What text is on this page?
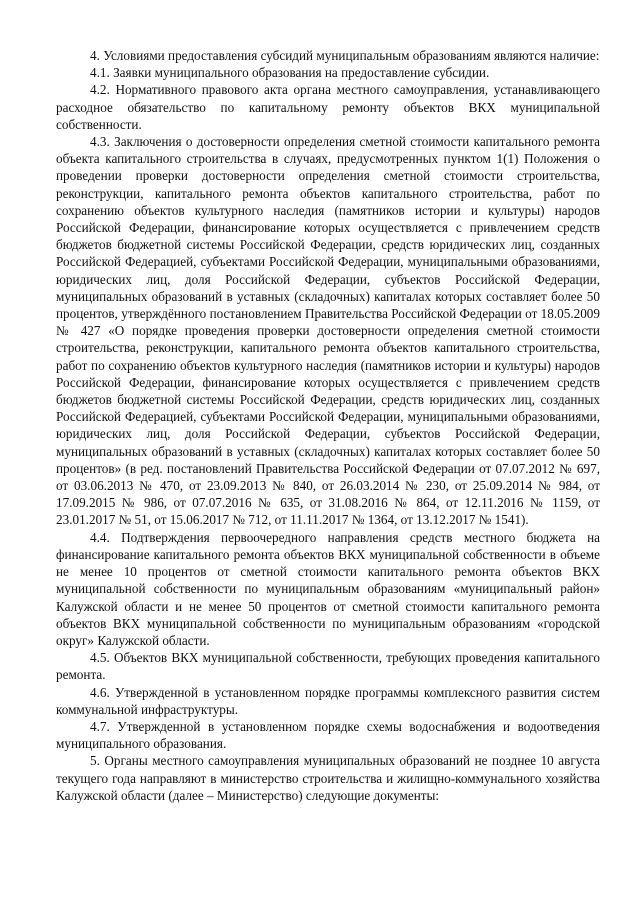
4. Условиями предоставления субсидий муниципальным образованиям являются наличие:

4.1. Заявки муниципального образования на предоставление субсидии.

4.2. Нормативного правового акта органа местного самоуправления, устанавливающего расходное обязательство по капитальному ремонту объектов ВКХ муниципальной собственности.

4.3. Заключения о достоверности определения сметной стоимости капитального ремонта объекта капитального строительства в случаях, предусмотренных пунктом 1(1) Положения о проведении проверки достоверности определения сметной стоимости строительства, реконструкции, капитального ремонта объектов капитального строительства, работ по сохранению объектов культурного наследия (памятников истории и культуры) народов Российской Федерации, финансирование которых осуществляется с привлечением средств бюджетов бюджетной системы Российской Федерации, средств юридических лиц, созданных Российской Федерацией, субъектами Российской Федерации, муниципальными образованиями, юридических лиц, доля Российской Федерации, субъектов Российской Федерации, муниципальных образований в уставных (складочных) капиталах которых составляет более 50 процентов, утверждённого постановлением Правительства Российской Федерации от 18.05.2009 № 427 «О порядке проведения проверки достоверности определения сметной стоимости строительства, реконструкции, капитального ремонта объектов капитального строительства, работ по сохранению объектов культурного наследия (памятников истории и культуры) народов Российской Федерации, финансирование которых осуществляется с привлечением средств бюджетов бюджетной системы Российской Федерации, средств юридических лиц, созданных Российской Федерацией, субъектами Российской Федерации, муниципальными образованиями, юридических лиц, доля Российской Федерации, субъектов Российской Федерации, муниципальных образований в уставных (складочных) капиталах которых составляет более 50 процентов» (в ред. постановлений Правительства Российской Федерации от 07.07.2012 № 697, от 03.06.2013 № 470, от 23.09.2013 № 840, от 26.03.2014 № 230, от 25.09.2014 № 984, от 17.09.2015 № 986, от 07.07.2016 № 635, от 31.08.2016 № 864, от 12.11.2016 № 1159, от 23.01.2017 № 51, от 15.06.2017 № 712, от 11.11.2017 № 1364, от 13.12.2017 № 1541).

4.4. Подтверждения первоочередного направления средств местного бюджета на финансирование капитального ремонта объектов ВКХ муниципальной собственности в объеме не менее 10 процентов от сметной стоимости капитального ремонта объектов ВКХ муниципальной собственности по муниципальным образованиям «муниципальный район» Калужской области и не менее 50 процентов от сметной стоимости капитального ремонта объектов ВКХ муниципальной собственности по муниципальным образованиям «городской округ» Калужской области.

4.5. Объектов ВКХ муниципальной собственности, требующих проведения капитального ремонта.

4.6. Утвержденной в установленном порядке программы комплексного развития систем коммунальной инфраструктуры.

4.7. Утвержденной в установленном порядке схемы водоснабжения и водоотведения муниципального образования.

5. Органы местного самоуправления муниципальных образований не позднее 10 августа текущего года направляют в министерство строительства и жилищно-коммунального хозяйства Калужской области (далее – Министерство) следующие документы:
